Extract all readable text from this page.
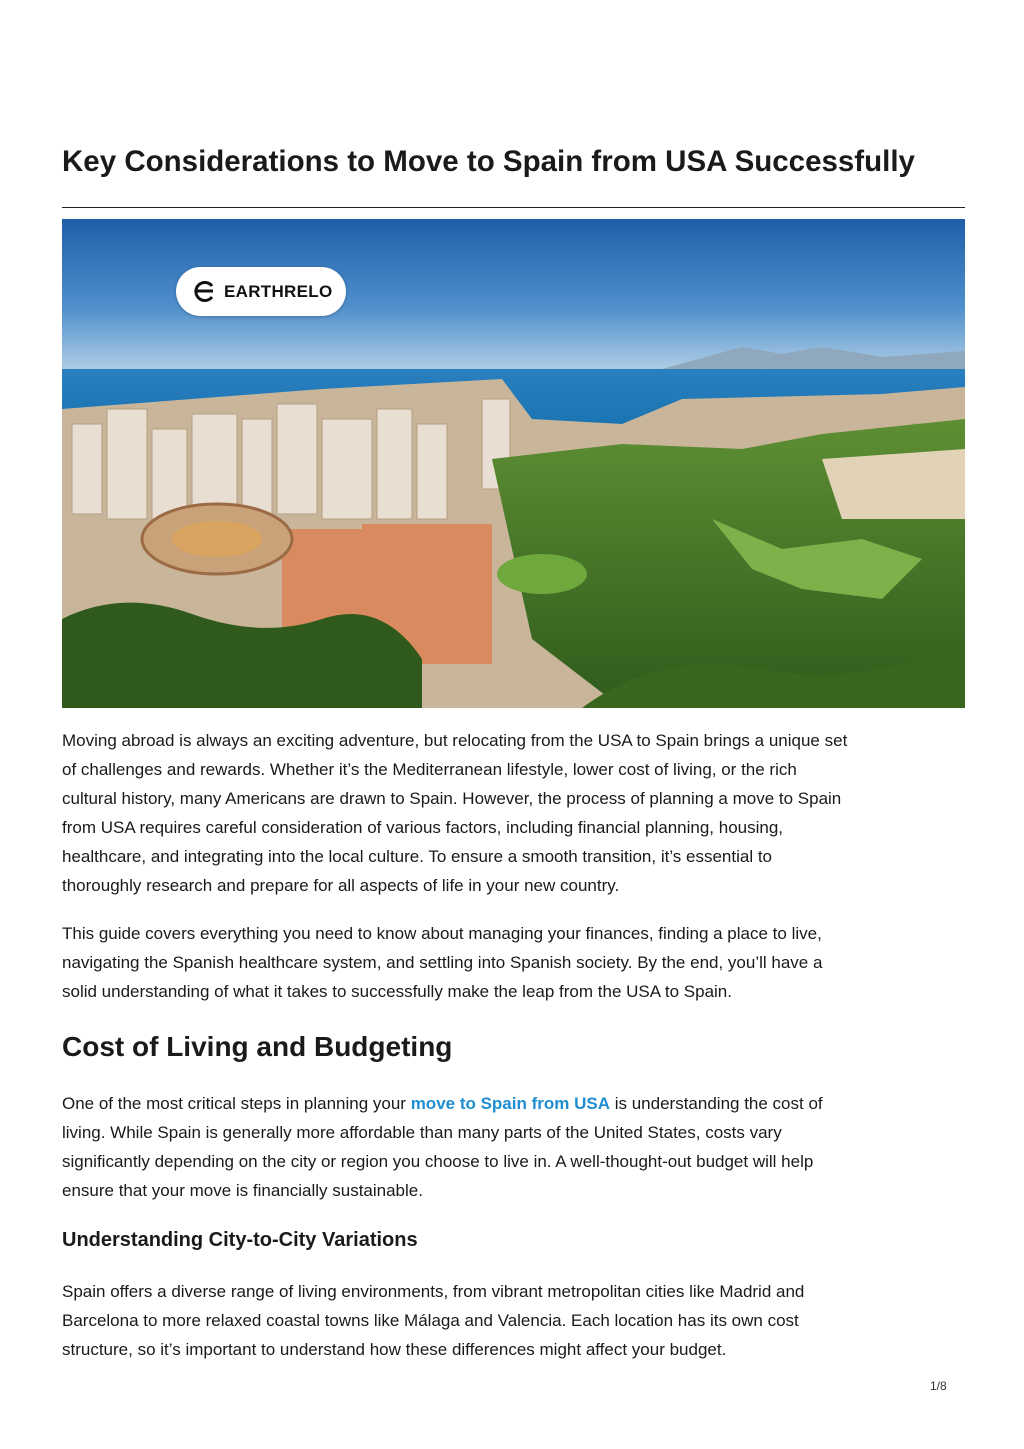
Key Considerations to Move to Spain from USA Successfully
EARTHRELO

Moving abroad is always an exciting adventure, but relocating from the USA to Spain brings a unique set
of challenges and rewards. Whether it’s the Mediterranean lifestyle, lower cost of living, or the rich
cultural history, many Americans are drawn to Spain. However, the process of planning a move to Spain
from USA requires careful consideration of various factors, including financial planning, housing,
healthcare, and integrating into the local culture. To ensure a smooth transition, it’s essential to
thoroughly research and prepare for all aspects of life in your new country.

This guide covers everything you need to know about managing your finances, finding a place to live,
navigating the Spanish healthcare system, and settling into Spanish society. By the end, you’ll have a
solid understanding of what it takes to successfully make the leap from the USA to Spain.

Cost of Living and Budgeting

One of the most critical steps in planning your move to Spain from USA is understanding the cost of
living. While Spain is generally more affordable than many parts of the United States, costs vary
significantly depending on the city or region you choose to live in. A well-thought-out budget will help
ensure that your move is financially sustainable.

Understanding City-to-City Variations

Spain offers a diverse range of living environments, from vibrant metropolitan cities like Madrid and
Barcelona to more relaxed coastal towns like Málaga and Valencia. Each location has its own cost
structure, so it’s important to understand how these differences might affect your budget.

1/8
